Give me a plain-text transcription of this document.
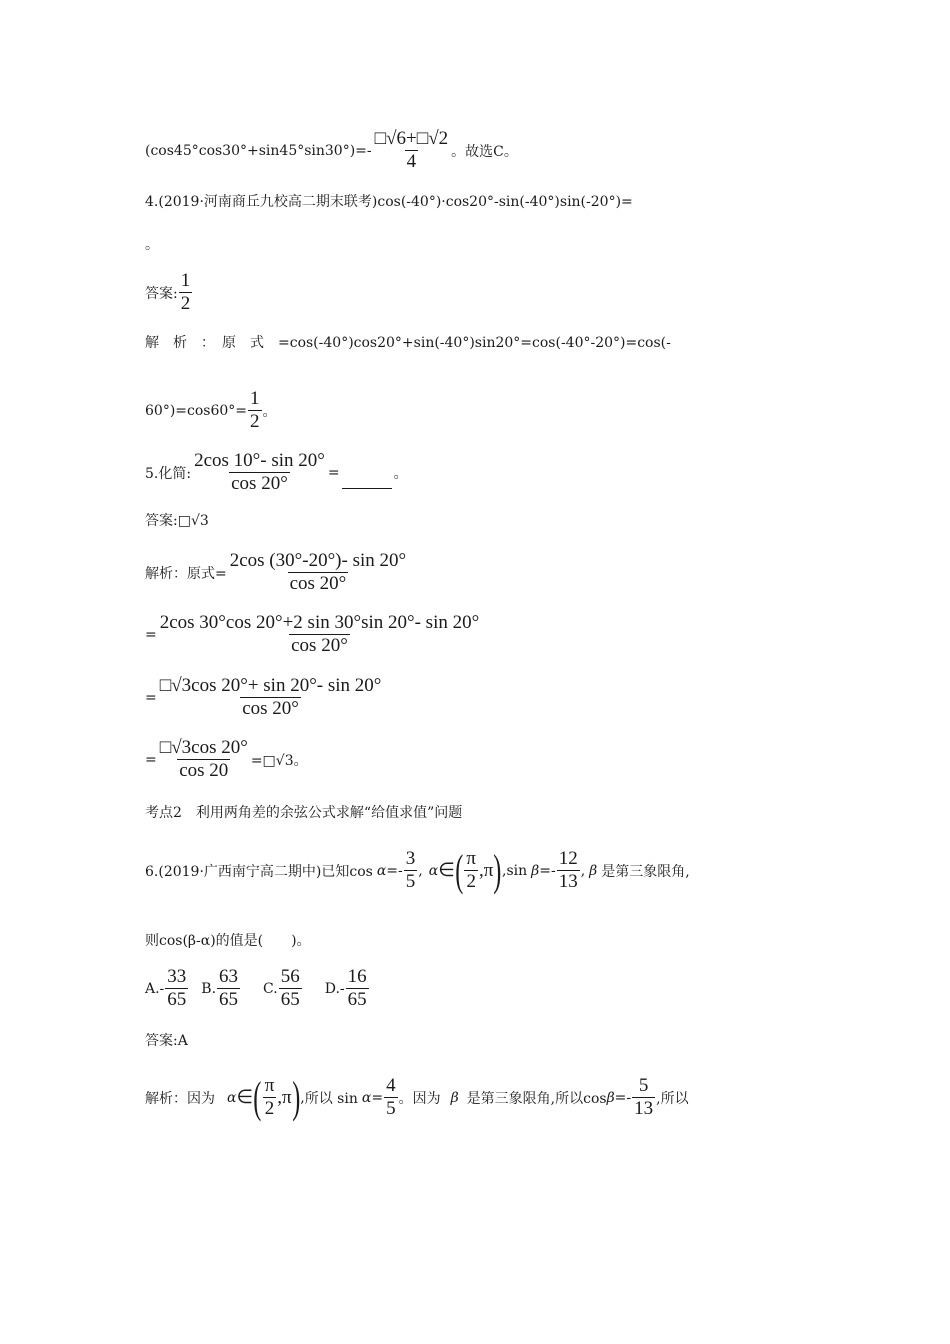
$(\cos 45^\circ\cos 30^\circ+\sin 45^\circ\sin 30^\circ)=- \frac{□√6+□√2}{4}$ 。故选C。
4.(2019·河南商丘九校高二期末联考)cos(-40°)·cos20°-sin(-40°)sin(-20°)=
。
答案: $\frac{1}{2}$
解　析　：　原　式　=cos(-40°)cos20°+sin(-40°)sin20°=cos(-40°-20°)=cos(-
$60^\circ)=\cos 60^\circ= \frac{1}{2}$ 。
5.化简: $\frac{2\cos 10^\circ- \sin 20^\circ}{\cos 20^\circ}$ =	。
答案:□√3
解析：原式= $\frac{2\cos (30^\circ-20^\circ)- \sin 20^\circ}{\cos 20^\circ}$
= $\frac{2\cos 30^\circ\cos 20^\circ+2 \sin 30^\circ\sin 20^\circ- \sin 20^\circ}{\cos 20^\circ}$
= $\frac{□√3\cos 20^\circ+ \sin 20^\circ- \sin 20^\circ}{\cos 20^\circ}$
= $\frac{□√3\cos 20^\circ}{\cos 20}$ =□√3。
考点2　利用两角差的余弦公式求解“给值求值”问题
6.(2019·广西南宁高二期中)已知$\cos \alpha =- \frac{3}{5}$ , α ∈ ( $\frac{\pi}{2} ,\pi$ ) ,sin $\beta =- \frac{12}{13}$ , β 是第三象限角,
则cos(β-α)的值是(　　)。
$A.- \frac{33}{65} B$. $\frac{63}{65} C$. $\frac{56}{65} D.- \frac{16}{65}$
答案:A
解析：因为 α ∈ ( $\frac{\pi}{2} ,\pi$ ) , 所以 $\sin \alpha = \frac{4}{5}$ 。因为 β 是第三象限角,所以$\cos \beta =- \frac{5}{13}$ ,所以
